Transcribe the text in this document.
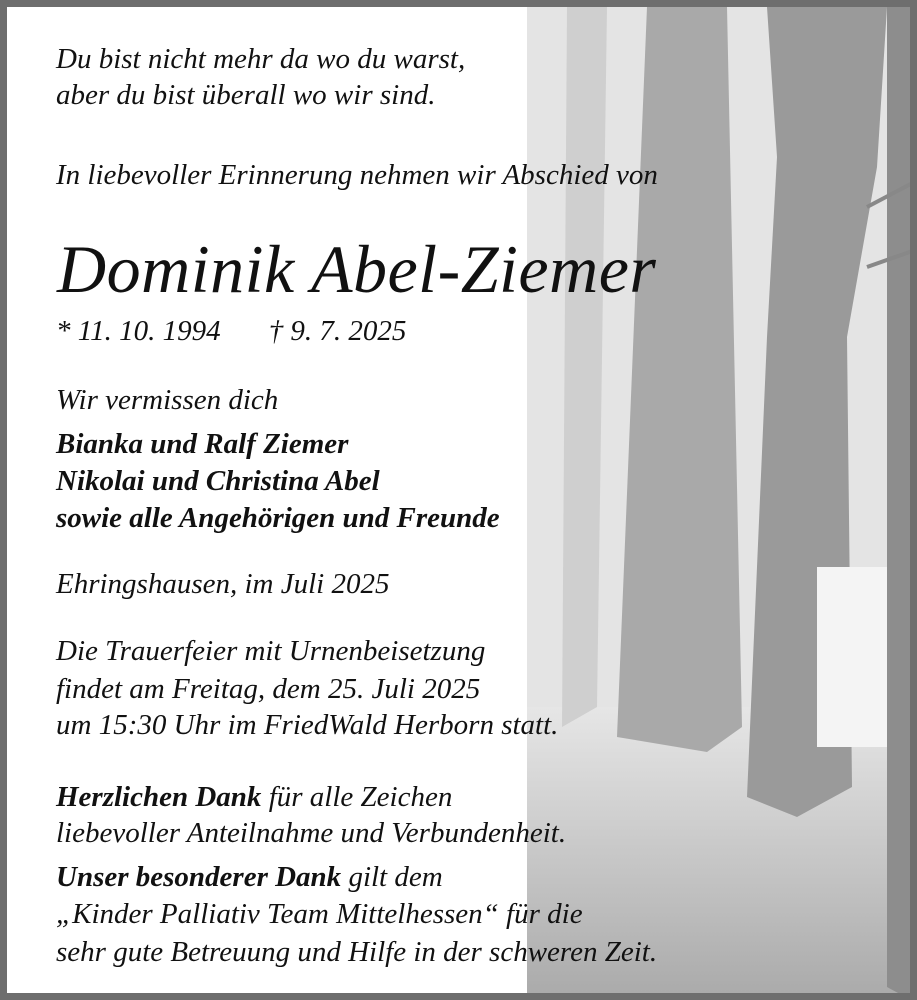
Du bist nicht mehr da wo du warst,
aber du bist überall wo wir sind.
In liebevoller Erinnerung nehmen wir Abschied von
Dominik Abel-Ziemer
* 11. 10. 1994 † 9. 7. 2025
Wir vermissen dich
Bianka und Ralf Ziemer
Nikolai und Christina Abel
sowie alle Angehörigen und Freunde
Ehringshausen, im Juli 2025
Die Trauerfeier mit Urnenbeisetzung
findet am Freitag, dem 25. Juli 2025
um 15:30 Uhr im FriedWald Herborn statt.
Herzlichen Dank für alle Zeichen
liebevoller Anteilnahme und Verbundenheit.
Unser besonderer Dank gilt dem
„Kinder Palliativ Team Mittelhessen“ für die
sehr gute Betreuung und Hilfe in der schweren Zeit.
